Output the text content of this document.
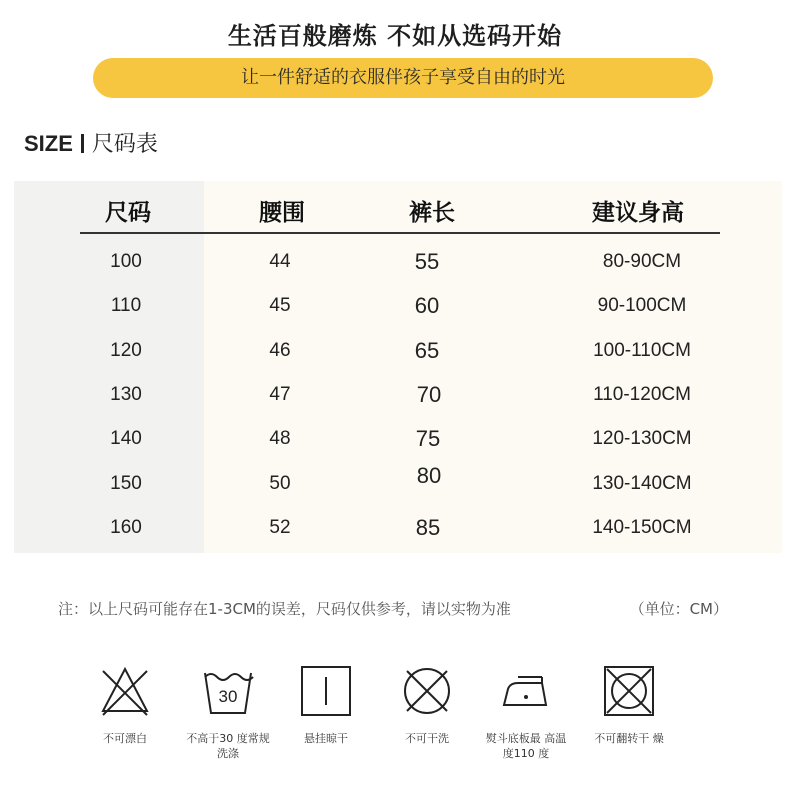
生活百般磨炼 不如从选码开始
让一件舒适的衣服伴孩子享受自由的时光
SIZE 尺码表
尺码	腰围	裤长	建议身高
100	44	55	80-90CM
110	45	60	90-100CM
120	46	65	100-110CM
130	47	70	110-120CM
140	48	75	120-130CM
150	50	80	130-140CM
160	52	85	140-150CM
注：以上尺码可能存在1-3CM的误差，尺码仅供参考，请以实物为准	（单位：CM）
不可漂白
30
不高于30 度常规洗涤
悬挂晾干	不可干洗	熨斗底板最 高温度110 度
不可翻转干 燥
